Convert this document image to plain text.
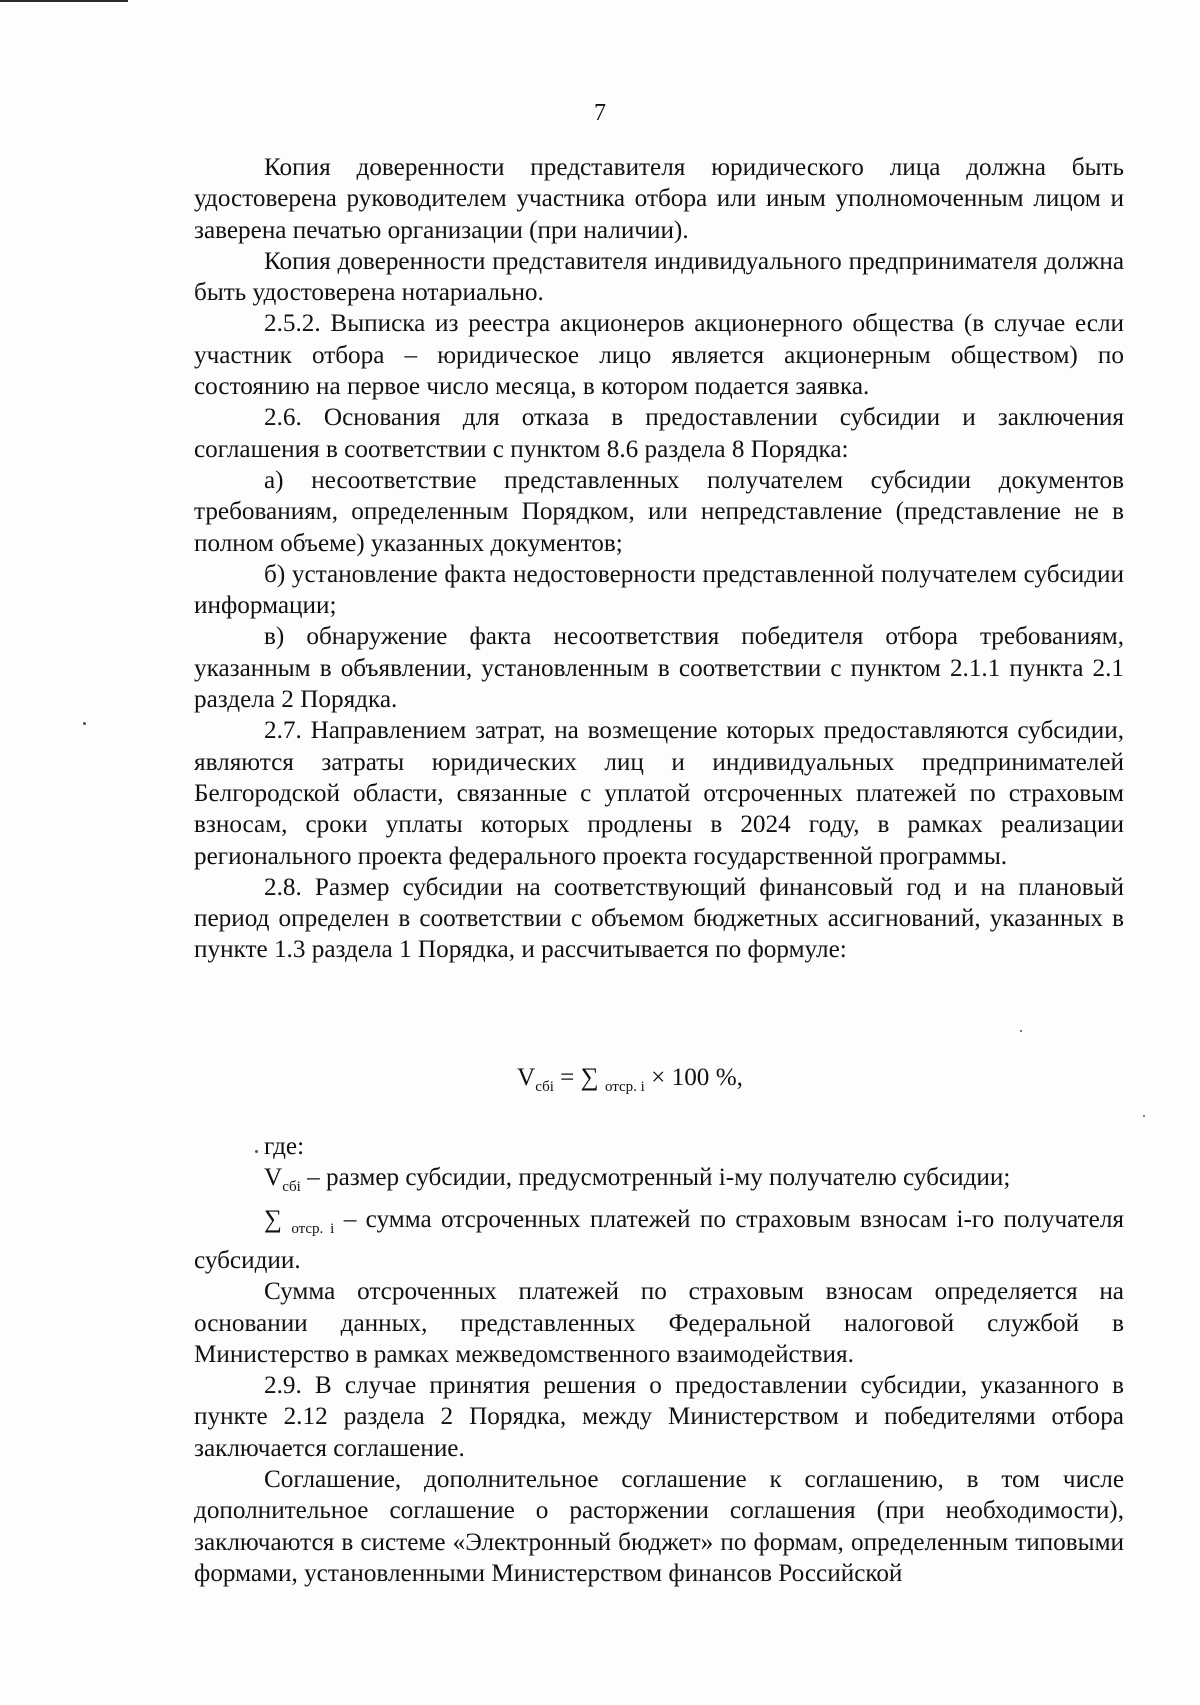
7

Копия доверенности представителя юридического лица должна быть удостоверена руководителем участника отбора или иным уполномоченным лицом и заверена печатью организации (при наличии).

Копия доверенности представителя индивидуального предпринимателя должна быть удостоверена нотариально.

2.5.2. Выписка из реестра акционеров акционерного общества (в случае если участник отбора – юридическое лицо является акционерным обществом) по состоянию на первое число месяца, в котором подается заявка.

2.6. Основания для отказа в предоставлении субсидии и заключения соглашения в соответствии с пунктом 8.6 раздела 8 Порядка:

а) несоответствие представленных получателем субсидии документов требованиям, определенным Порядком, или непредставление (представление не в полном объеме) указанных документов;

б) установление факта недостоверности представленной получателем субсидии информации;

в) обнаружение факта несоответствия победителя отбора требованиям, указанным в объявлении, установленным в соответствии с пунктом 2.1.1 пункта 2.1 раздела 2 Порядка.

2.7. Направлением затрат, на возмещение которых предоставляются субсидии, являются затраты юридических лиц и индивидуальных предпринимателей Белгородской области, связанные с уплатой отсроченных платежей по страховым взносам, сроки уплаты которых продлены в 2024 году, в рамках реализации регионального проекта федерального проекта государственной программы.

2.8. Размер субсидии на соответствующий финансовый год и на плановый период определен в соответствии с объемом бюджетных ассигнований, указанных в пункте 1.3 раздела 1 Порядка, и рассчитывается по формуле:

$V_{сбi}$ = ∑ $_{отср. i}$ × 100 %,

где:

$V_{сбi}$ – размер субсидии, предусмотренный i-му получателю субсидии;

∑ $_{отср. i}$ – сумма отсроченных платежей по страховым взносам i-го получателя субсидии.

Сумма отсроченных платежей по страховым взносам определяется на основании данных, представленных Федеральной налоговой службой в Министерство в рамках межведомственного взаимодействия.

2.9. В случае принятия решения о предоставлении субсидии, указанного в пункте 2.12 раздела 2 Порядка, между Министерством и победителями отбора заключается соглашение.

Соглашение, дополнительное соглашение к соглашению, в том числе дополнительное соглашение о расторжении соглашения (при необходимости), заключаются в системе «Электронный бюджет» по формам, определенным типовыми формами, установленными Министерством финансов Российской
